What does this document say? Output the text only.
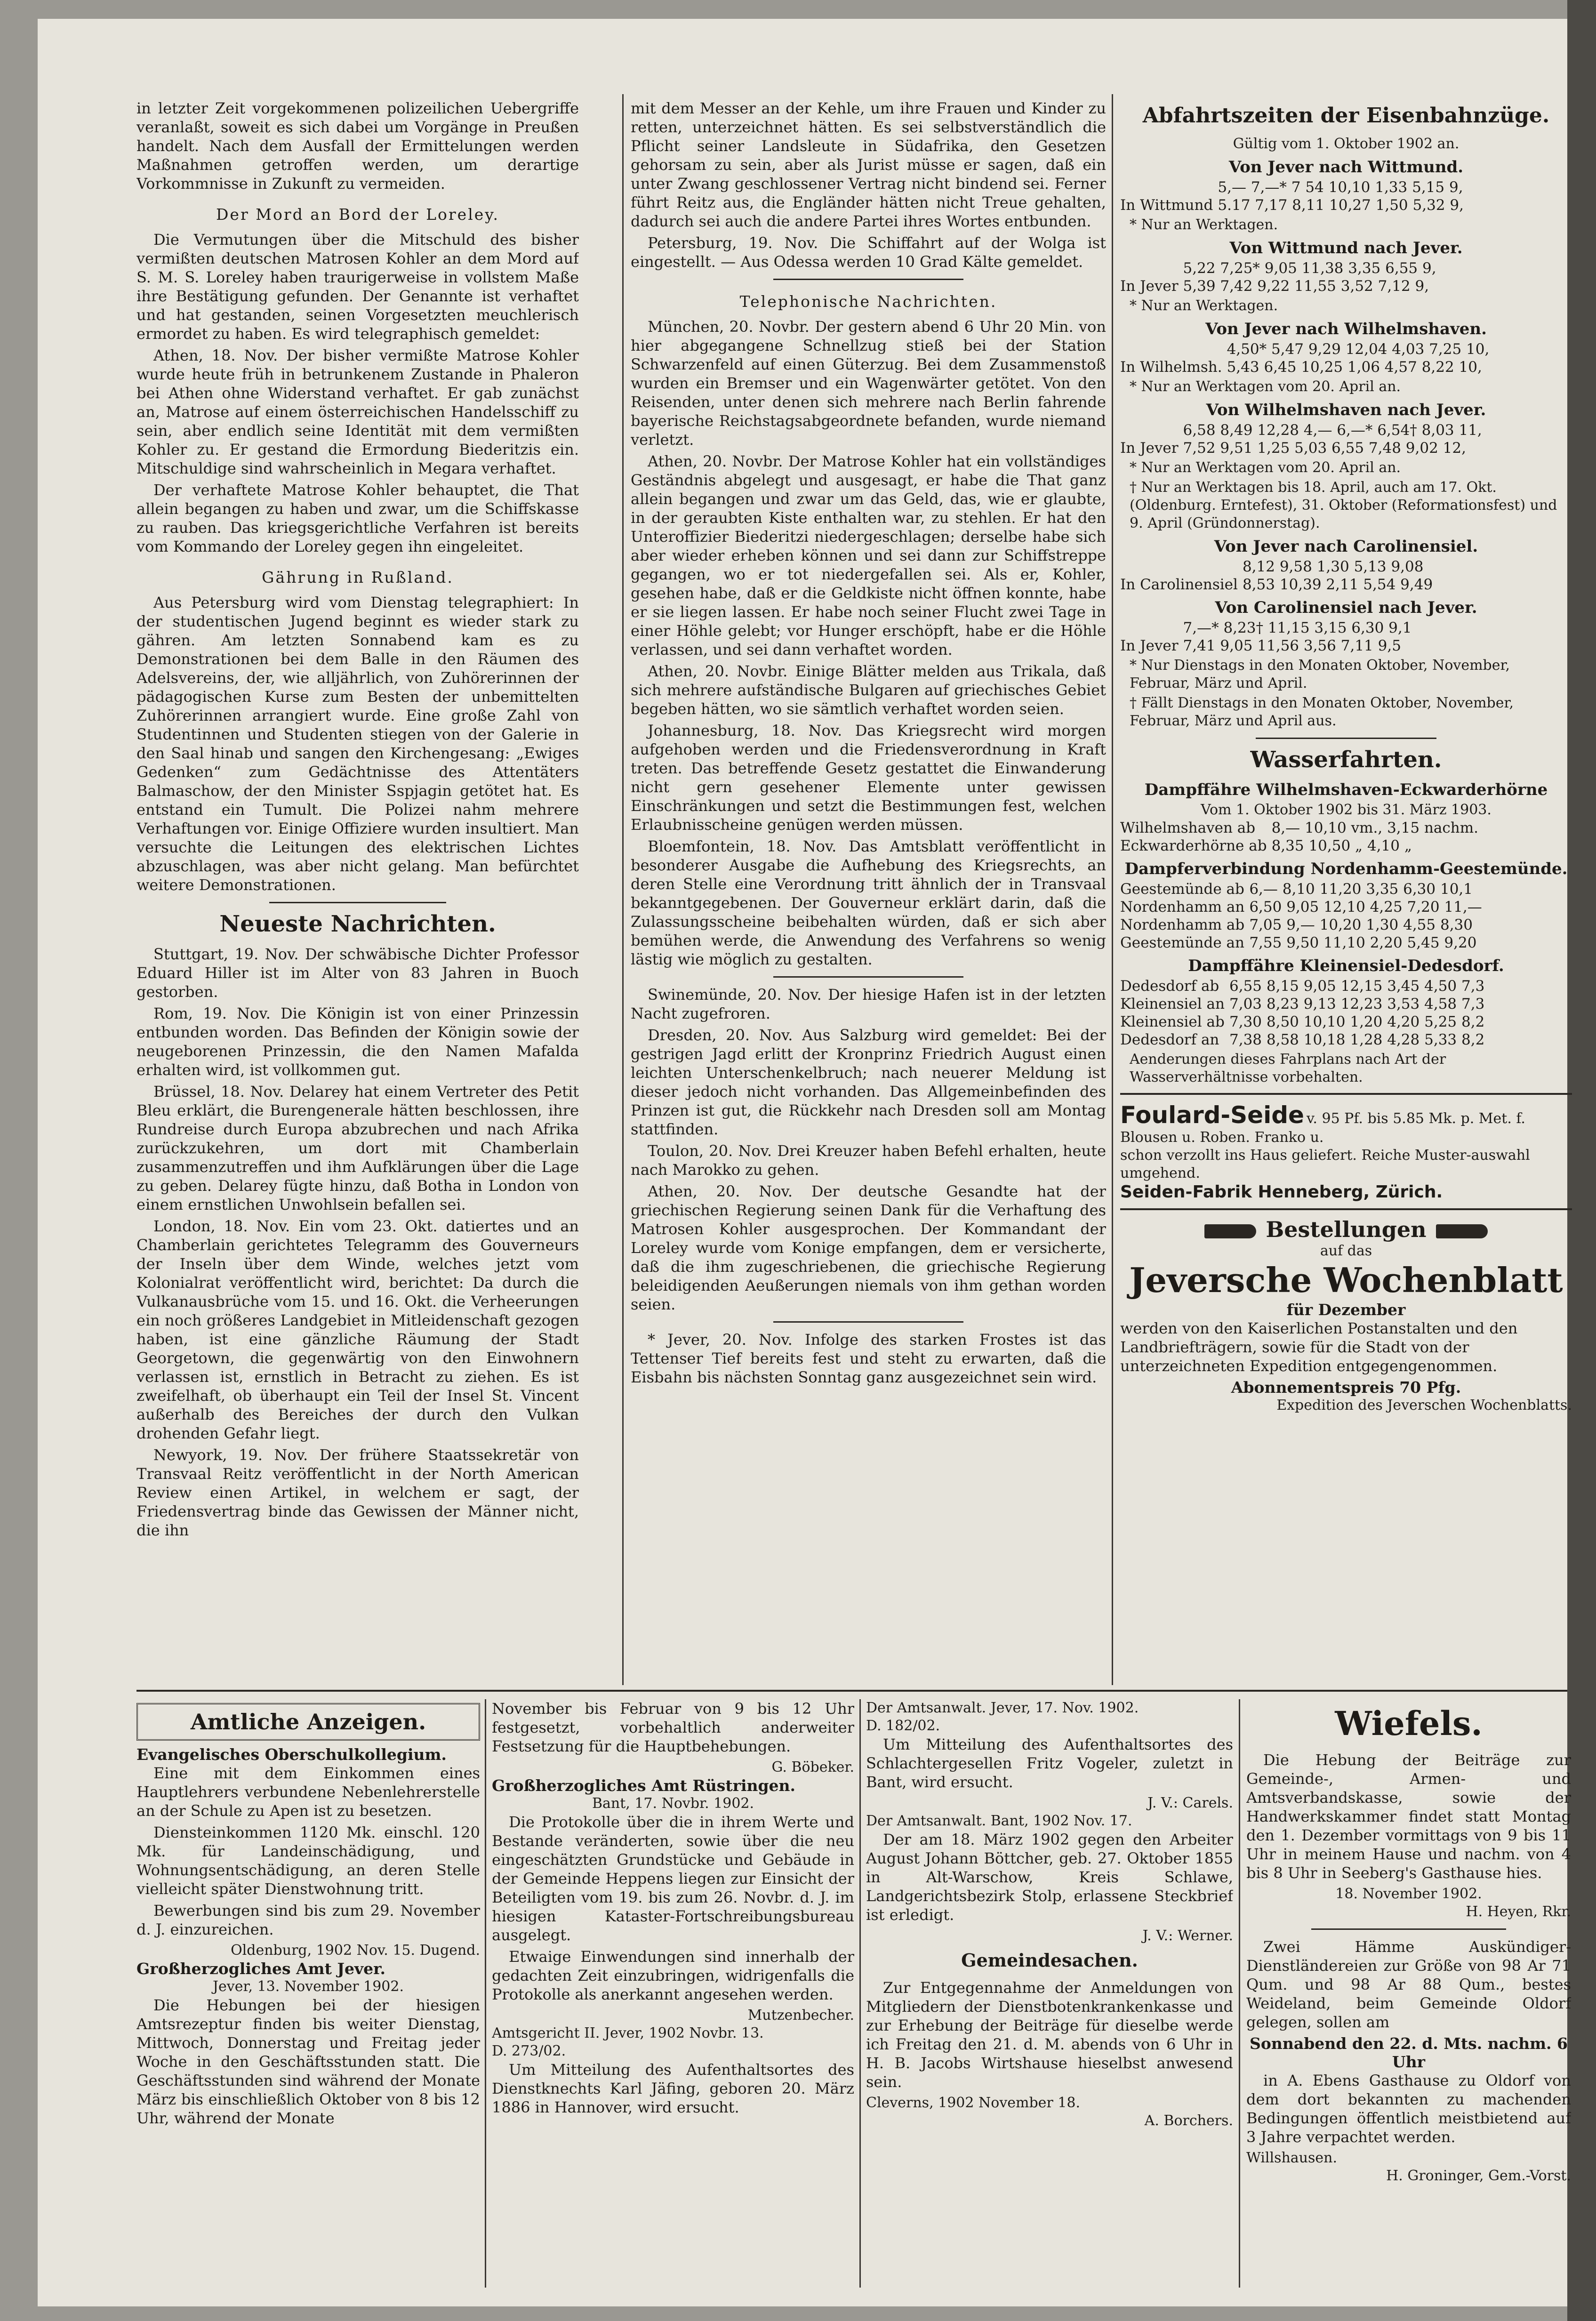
in letzter Zeit vorgekommenen polizeilichen Uebergriffe veranlaßt, soweit es sich dabei um Vorgänge in Preußen handelt. Nach dem Ausfall der Ermittelungen werden Maßnahmen getroffen werden, um derartige Vorkommnisse in Zukunft zu vermeiden.

Der Mord an Bord der Loreley.

Die Vermutungen über die Mitschuld des bisher vermißten deutschen Matrosen Kohler an dem Mord auf S. M. S. Loreley haben traurigerweise in vollstem Maße ihre Bestätigung gefunden. Der Genannte ist verhaftet und hat gestanden, seinen Vorgesetzten meuchlerisch ermordet zu haben. Es wird telegraphisch gemeldet:

Athen, 18. Nov. Der bisher vermißte Matrose Kohler wurde heute früh in betrunkenem Zustande in Phaleron bei Athen ohne Widerstand verhaftet. Er gab zunächst an, Matrose auf einem österreichischen Handelsschiff zu sein, aber endlich seine Identität mit dem vermißten Kohler zu. Er gestand die Ermordung Biederitzis ein. Mitschuldige sind wahrscheinlich in Megara verhaftet.

Der verhaftete Matrose Kohler behauptet, die That allein begangen zu haben und zwar, um die Schiffskasse zu rauben. Das kriegsgerichtliche Verfahren ist bereits vom Kommando der Loreley gegen ihn eingeleitet.

Gährung in Rußland.

Aus Petersburg wird vom Dienstag telegraphiert: In der studentischen Jugend beginnt es wieder stark zu gähren. Am letzten Sonnabend kam es zu Demonstrationen bei dem Balle in den Räumen des Adelsvereins, der, wie alljährlich, von Zuhörerinnen der pädagogischen Kurse zum Besten der unbemittelten Zuhörerinnen arrangiert wurde. Eine große Zahl von Studentinnen und Studenten stiegen von der Galerie in den Saal hinab und sangen den Kirchengesang: „Ewiges Gedenken“ zum Gedächtnisse des Attentäters Balmaschow, der den Minister Sspjagin getötet hat. Es entstand ein Tumult. Die Polizei nahm mehrere Verhaftungen vor. Einige Offiziere wurden insultiert. Man versuchte die Leitungen des elektrischen Lichtes abzuschlagen, was aber nicht gelang. Man befürchtet weitere Demonstrationen.

Neueste Nachrichten.

Stuttgart, 19. Nov. Der schwäbische Dichter Professor Eduard Hiller ist im Alter von 83 Jahren in Buoch gestorben.

Rom, 19. Nov. Die Königin ist von einer Prinzessin entbunden worden. Das Befinden der Königin sowie der neugeborenen Prinzessin, die den Namen Mafalda erhalten wird, ist vollkommen gut.

Brüssel, 18. Nov. Delarey hat einem Vertreter des Petit Bleu erklärt, die Burengenerale hätten beschlossen, ihre Rundreise durch Europa abzubrechen und nach Afrika zurückzukehren, um dort mit Chamberlain zusammenzutreffen und ihm Aufklärungen über die Lage zu geben. Delarey fügte hinzu, daß Botha in London von einem ernstlichen Unwohlsein befallen sei.

London, 18. Nov. Ein vom 23. Okt. datiertes und an Chamberlain gerichtetes Telegramm des Gouverneurs der Inseln über dem Winde, welches jetzt vom Kolonialrat veröffentlicht wird, berichtet: Da durch die Vulkanausbrüche vom 15. und 16. Okt. die Verheerungen ein noch größeres Landgebiet in Mitleidenschaft gezogen haben, ist eine gänzliche Räumung der Stadt Georgetown, die gegenwärtig von den Einwohnern verlassen ist, ernstlich in Betracht zu ziehen. Es ist zweifelhaft, ob überhaupt ein Teil der Insel St. Vincent außerhalb des Bereiches der durch den Vulkan drohenden Gefahr liegt.

Newyork, 19. Nov. Der frühere Staatssekretär von Transvaal Reitz veröffentlicht in der North American Review einen Artikel, in welchem er sagt, der Friedensvertrag binde das Gewissen der Männer nicht, die ihn

mit dem Messer an der Kehle, um ihre Frauen und Kinder zu retten, unterzeichnet hätten. Es sei selbstverständlich die Pflicht seiner Landsleute in Südafrika, den Gesetzen gehorsam zu sein, aber als Jurist müsse er sagen, daß ein unter Zwang geschlossener Vertrag nicht bindend sei. Ferner führt Reitz aus, die Engländer hätten nicht Treue gehalten, dadurch sei auch die andere Partei ihres Wortes entbunden.

Petersburg, 19. Nov. Die Schiffahrt auf der Wolga ist eingestellt. — Aus Odessa werden 10 Grad Kälte gemeldet.

Telephonische Nachrichten.

München, 20. Novbr. Der gestern abend 6 Uhr 20 Min. von hier abgegangene Schnellzug stieß bei der Station Schwarzenfeld auf einen Güterzug. Bei dem Zusammenstoß wurden ein Bremser und ein Wagenwärter getötet. Von den Reisenden, unter denen sich mehrere nach Berlin fahrende bayerische Reichstagsabgeordnete befanden, wurde niemand verletzt.

Athen, 20. Novbr. Der Matrose Kohler hat ein vollständiges Geständnis abgelegt und ausgesagt, er habe die That ganz allein begangen und zwar um das Geld, das, wie er glaubte, in der geraubten Kiste enthalten war, zu stehlen. Er hat den Unteroffizier Biederitzi niedergeschlagen; derselbe habe sich aber wieder erheben können und sei dann zur Schiffstreppe gegangen, wo er tot niedergefallen sei. Als er, Kohler, gesehen habe, daß er die Geldkiste nicht öffnen konnte, habe er sie liegen lassen. Er habe noch seiner Flucht zwei Tage in einer Höhle gelebt; vor Hunger erschöpft, habe er die Höhle verlassen, und sei dann verhaftet worden.

Athen, 20. Novbr. Einige Blätter melden aus Trikala, daß sich mehrere aufständische Bulgaren auf griechisches Gebiet begeben hätten, wo sie sämtlich verhaftet worden seien.

Johannesburg, 18. Nov. Das Kriegsrecht wird morgen aufgehoben werden und die Friedensverordnung in Kraft treten. Das betreffende Gesetz gestattet die Einwanderung nicht gern gesehener Elemente unter gewissen Einschränkungen und setzt die Bestimmungen fest, welchen Erlaubnisscheine genügen werden müssen.

Bloemfontein, 18. Nov. Das Amtsblatt veröffentlicht in besonderer Ausgabe die Aufhebung des Kriegsrechts, an deren Stelle eine Verordnung tritt ähnlich der in Transvaal bekanntgegebenen. Der Gouverneur erklärt darin, daß die Zulassungsscheine beibehalten würden, daß er sich aber bemühen werde, die Anwendung des Verfahrens so wenig lästig wie möglich zu gestalten.

Swinemünde, 20. Nov. Der hiesige Hafen ist in der letzten Nacht zugefroren.

Dresden, 20. Nov. Aus Salzburg wird gemeldet: Bei der gestrigen Jagd erlitt der Kronprinz Friedrich August einen leichten Unterschenkelbruch; nach neuerer Meldung ist dieser jedoch nicht vorhanden. Das Allgemeinbefinden des Prinzen ist gut, die Rückkehr nach Dresden soll am Montag stattfinden.

Toulon, 20. Nov. Drei Kreuzer haben Befehl erhalten, heute nach Marokko zu gehen.

Athen, 20. Nov. Der deutsche Gesandte hat der griechischen Regierung seinen Dank für die Verhaftung des Matrosen Kohler ausgesprochen. Der Kommandant der Loreley wurde vom Konige empfangen, dem er versicherte, daß die ihm zugeschriebenen, die griechische Regierung beleidigenden Aeußerungen niemals von ihm gethan worden seien.

* Jever, 20. Nov. Infolge des starken Frostes ist das Tettenser Tief bereits fest und steht zu erwarten, daß die Eisbahn bis nächsten Sonntag ganz ausgezeichnet sein wird.

Abfahrtszeiten der Eisenbahnzüge.
Gültig vom 1. Oktober 1902 an.
Von Jever nach Wittmund.
	5,— 7,—* 7 54 10,10 1,33 5,15 9,
In Wittmund	5.17 7,17 8,11 10,27 1,50 5,32 9,
* Nur an Werktagen.
Von Wittmund nach Jever.
	5,22 7,25* 9,05 11,38 3,35 6,55 9,
In Jever	5,39 7,42 9,22 11,55 3,52 7,12 9,
* Nur an Werktagen.
Von Jever nach Wilhelmshaven.
	4,50* 5,47 9,29 12,04 4,03 7,25 10,
In Wilhelmsh.	5,43 6,45 10,25 1,06 4,57 8,22 10,
* Nur an Werktagen vom 20. April an.
Von Wilhelmshaven nach Jever.
	6,58 8,49 12,28 4,— 6,—* 6,54† 8,03 11,
In Jever	7,52 9,51 1,25 5,03 6,55 7,48 9,02 12,
* Nur an Werktagen vom 20. April an.
† Nur an Werktagen bis 18. April, auch am 17. Okt. (Oldenburg. Erntefest), 31. Oktober (Reformationsfest) und 9. April (Gründonnerstag).
Von Jever nach Carolinensiel.
	8,12 9,58 1,30 5,13 9,08
In Carolinensiel	8,53 10,39 2,11 5,54 9,49
Von Carolinensiel nach Jever.
	7,—* 8,23† 11,15 3,15 6,30 9,1
In Jever	7,41 9,05 11,56 3,56 7,11 9,5
* Nur Dienstags in den Monaten Oktober, November, Februar, März und April.
† Fällt Dienstags in den Monaten Oktober, November, Februar, März und April aus.
Wasserfahrten.
Dampffähre Wilhelmshaven-Eckwarderhörne
Vom 1. Oktober 1902 bis 31. März 1903.
Wilhelmshaven ab	8,— 10,10 vm., 3,15 nachm.
Eckwarderhörne ab	8,35 10,50 „ 4,10 „
Dampferverbindung Nordenhamm-Geestemünde.
Geestemünde ab	6,— 8,10 11,20 3,35 6,30 10,1
Nordenhamm an	6,50 9,05 12,10 4,25 7,20 11,—
Nordenhamm ab	7,05 9,— 10,20 1,30 4,55 8,30
Geestemünde an	7,55 9,50 11,10 2,20 5,45 9,20
Dampffähre Kleinensiel-Dedesdorf.
Dedesdorf ab	6,55 8,15 9,05 12,15 3,45 4,50 7,3
Kleinensiel an	7,03 8,23 9,13 12,23 3,53 4,58 7,3
Kleinensiel ab	7,30 8,50 10,10 1,20 4,20 5,25 8,2
Dedesdorf an	7,38 8,58 10,18 1,28 4,28 5,33 8,2
Aenderungen dieses Fahrplans nach Art der Wasserverhältnisse vorbehalten.
Foulard-Seide v. 95 Pf. bis 5.85 Mk. p. Met. f. Blousen u. Roben. Franko u.
schon verzollt ins Haus geliefert. Reiche Muster-auswahl umgehend.
Seiden-Fabrik Henneberg, Zürich.
Bestellungen
auf das
Jeversche Wochenblatt
für Dezember

werden von den Kaiserlichen Postanstalten und den Landbriefträgern, sowie für die Stadt von der unterzeichneten Expedition entgegengenommen.

Abonnementspreis 70 Pfg.
Expedition des Jeverschen Wochenblatts.
Amtliche Anzeigen.
Evangelisches Oberschulkollegium.

Eine mit dem Einkommen eines Hauptlehrers verbundene Nebenlehrerstelle an der Schule zu Apen ist zu besetzen.

Diensteinkommen 1120 Mk. einschl. 120 Mk. für Landeinschädigung, und Wohnungsentschädigung, an deren Stelle vielleicht später Dienstwohnung tritt.

Bewerbungen sind bis zum 29. November d. J. einzureichen.

Oldenburg, 1902 Nov. 15. Dugend.
Großherzogliches Amt Jever.
Jever, 13. November 1902.

Die Hebungen bei der hiesigen Amtsrezeptur finden bis weiter Dienstag, Mittwoch, Donnerstag und Freitag jeder Woche in den Geschäftsstunden statt. Die Geschäftsstunden sind während der Monate März bis einschließlich Oktober von 8 bis 12 Uhr, während der Monate

November bis Februar von 9 bis 12 Uhr festgesetzt, vorbehaltlich anderweiter Festsetzung für die Hauptbehebungen.

G. Böbeker.
Großherzogliches Amt Rüstringen.
Bant, 17. Novbr. 1902.

Die Protokolle über die in ihrem Werte und Bestande veränderten, sowie über die neu eingeschätzten Grundstücke und Gebäude in der Gemeinde Heppens liegen zur Einsicht der Beteiligten vom 19. bis zum 26. Novbr. d. J. im hiesigen Kataster-Fortschreibungsbureau ausgelegt.

Etwaige Einwendungen sind innerhalb der gedachten Zeit einzubringen, widrigenfalls die Protokolle als anerkannt angesehen werden.

Mutzenbecher.
Amtsgericht II. Jever, 1902 Novbr. 13.
D. 273/02.

Um Mitteilung des Aufenthaltsortes des Dienstknechts Karl Jäfing, geboren 20. März 1886 in Hannover, wird ersucht.

Der Amtsanwalt. Jever, 17. Nov. 1902.
D. 182/02.

Um Mitteilung des Aufenthaltsortes des Schlachtergesellen Fritz Vogeler, zuletzt in Bant, wird ersucht.

J. V.: Carels.
Der Amtsanwalt. Bant, 1902 Nov. 17.

Der am 18. März 1902 gegen den Arbeiter August Johann Böttcher, geb. 27. Oktober 1855 in Alt-Warschow, Kreis Schlawe, Landgerichtsbezirk Stolp, erlassene Steckbrief ist erledigt.

J. V.: Werner.
Gemeindesachen.

Zur Entgegennahme der Anmeldungen von Mitgliedern der Dienstbotenkrankenkasse und zur Erhebung der Beiträge für dieselbe werde ich Freitag den 21. d. M. abends von 6 Uhr in H. B. Jacobs Wirtshause hieselbst anwesend sein.

Cleverns, 1902 November 18.
A. Borchers.
Wiefels.

Die Hebung der Beiträge zur Gemeinde-, Armen- und Amtsverbandskasse, sowie der Handwerkskammer findet statt Montag den 1. Dezember vormittags von 9 bis 11 Uhr in meinem Hause und nachm. von 4 bis 8 Uhr in Seeberg's Gasthause hies.

18. November 1902.
H. Heyen, Rkr.

Zwei Hämme Auskündiger-Dienstländereien zur Größe von 98 Ar 71 Qum. und 98 Ar 88 Qum., bestes Weideland, beim Gemeinde Oldorf gelegen, sollen am

Sonnabend den 22. d. Mts. nachm. 6 Uhr

in A. Ebens Gasthause zu Oldorf von dem dort bekannten zu machenden Bedingungen öffentlich meistbietend auf 3 Jahre verpachtet werden.

Willshausen.
H. Groninger, Gem.-Vorst.
